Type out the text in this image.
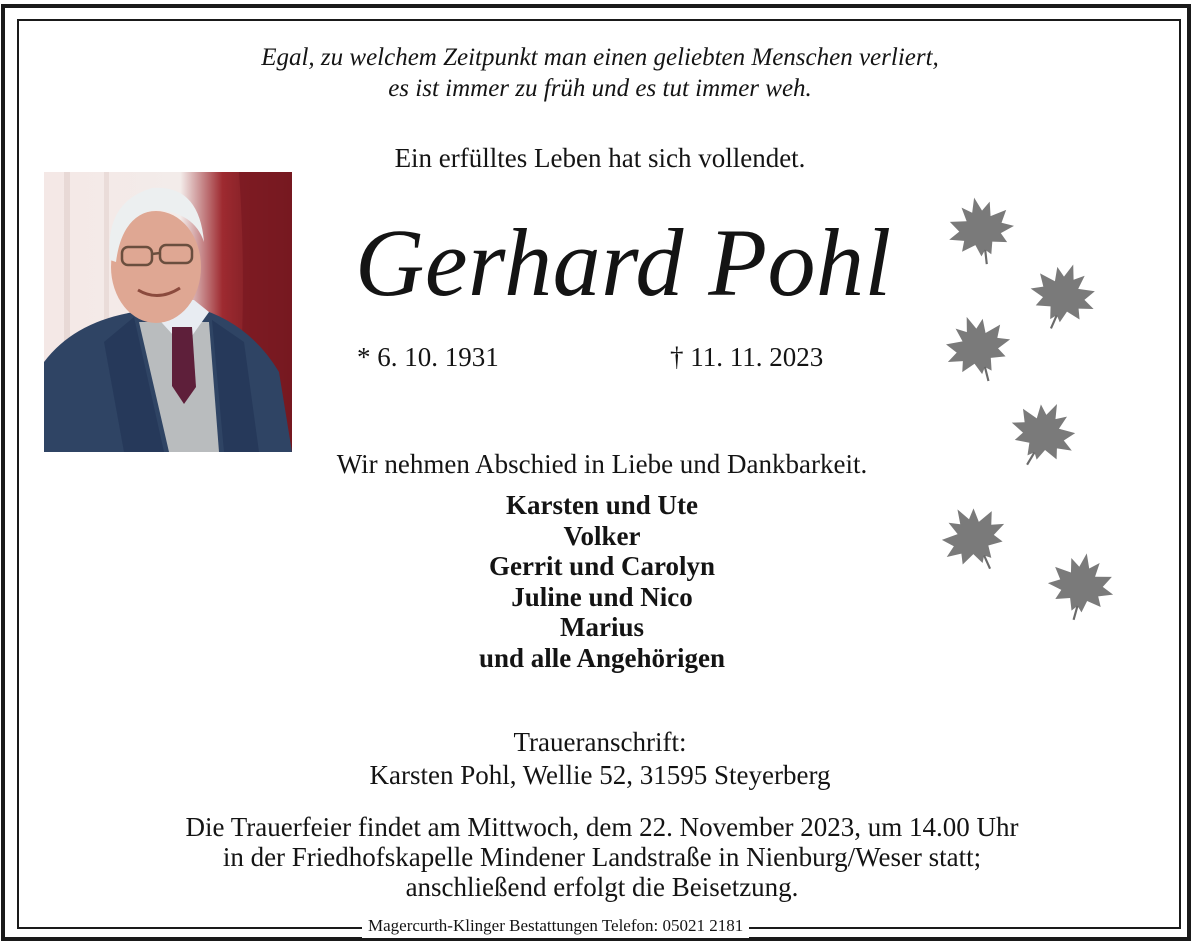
Egal, zu welchem Zeitpunkt man einen geliebten Menschen verliert,
es ist immer zu früh und es tut immer weh.
Ein erfülltes Leben hat sich vollendet.
Gerhard Pohl
* 6. 10. 1931	† 11. 11. 2023
Wir nehmen Abschied in Liebe und Dankbarkeit.
Karsten und Ute
Volker
Gerrit und Carolyn
Juline und Nico
Marius
und alle Angehörigen
Traueranschrift:
Karsten Pohl, Wellie 52, 31595 Steyerberg
Die Trauerfeier findet am Mittwoch, dem 22. November 2023, um 14.00 Uhr
in der Friedhofskapelle Mindener Landstraße in Nienburg/Weser statt;
anschließend erfolgt die Beisetzung.
Magercurth-Klinger Bestattungen Telefon: 05021 2181
